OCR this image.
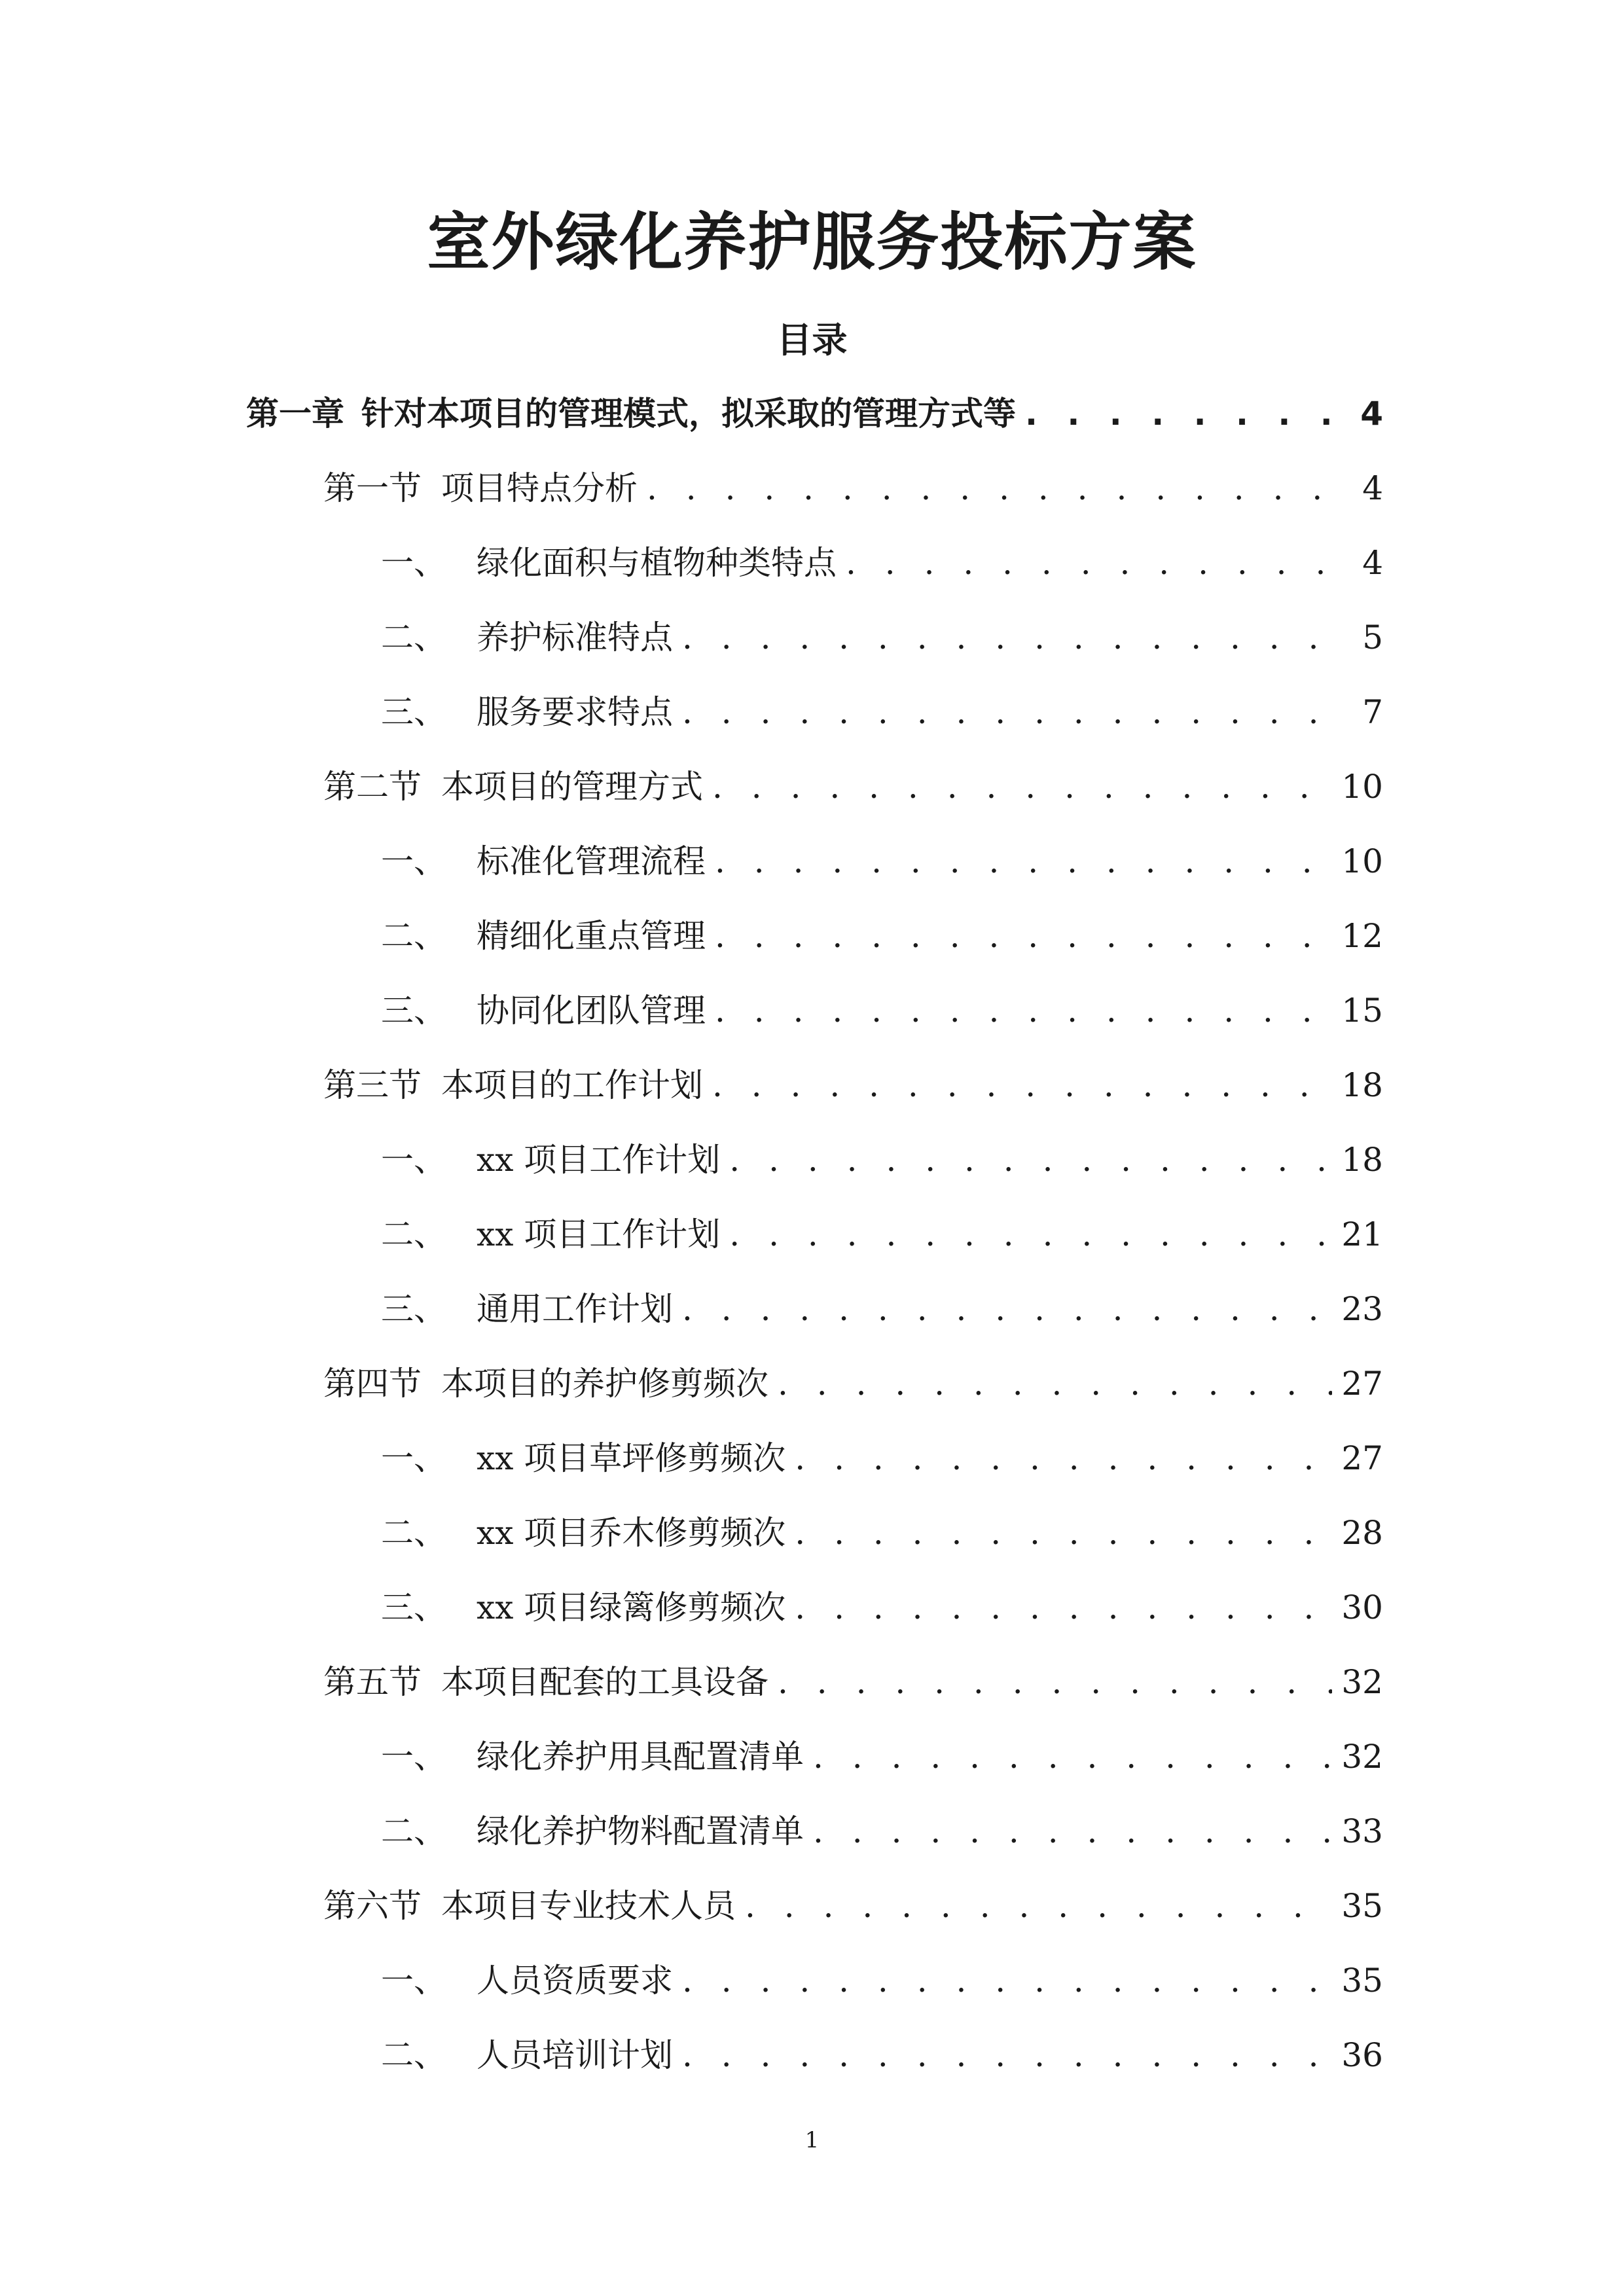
室外绿化养护服务投标方案
目录
第一章 针对本项目的管理模式，拟采取的管理方式等 . . .	4
第一节 项目特点分析 . . .	4
一、 绿化面积与植物种类特点 . . .	4
二、 养护标准特点 . . .	5
三、 服务要求特点 . . .	7
第二节 本项目的管理方式 . . .	10
一、 标准化管理流程 . . .	10
二、 精细化重点管理 . . .	12
三、 协同化团队管理 . . .	15
第三节 本项目的工作计划 . . .	18
一、 xx 项目工作计划 . . .	18
二、 xx 项目工作计划 . . .	21
三、 通用工作计划 . . .	23
第四节 本项目的养护修剪频次 . . .	27
一、 xx 项目草坪修剪频次 . . .	27
二、 xx 项目乔木修剪频次 . . .	28
三、 xx 项目绿篱修剪频次 . . .	30
第五节 本项目配套的工具设备 . . .	32
一、 绿化养护用具配置清单 . . .	32
二、 绿化养护物料配置清单 . . .	33
第六节 本项目专业技术人员 . . .	35
一、 人员资质要求 . . .	35
二、 人员培训计划 . . .	36
1
